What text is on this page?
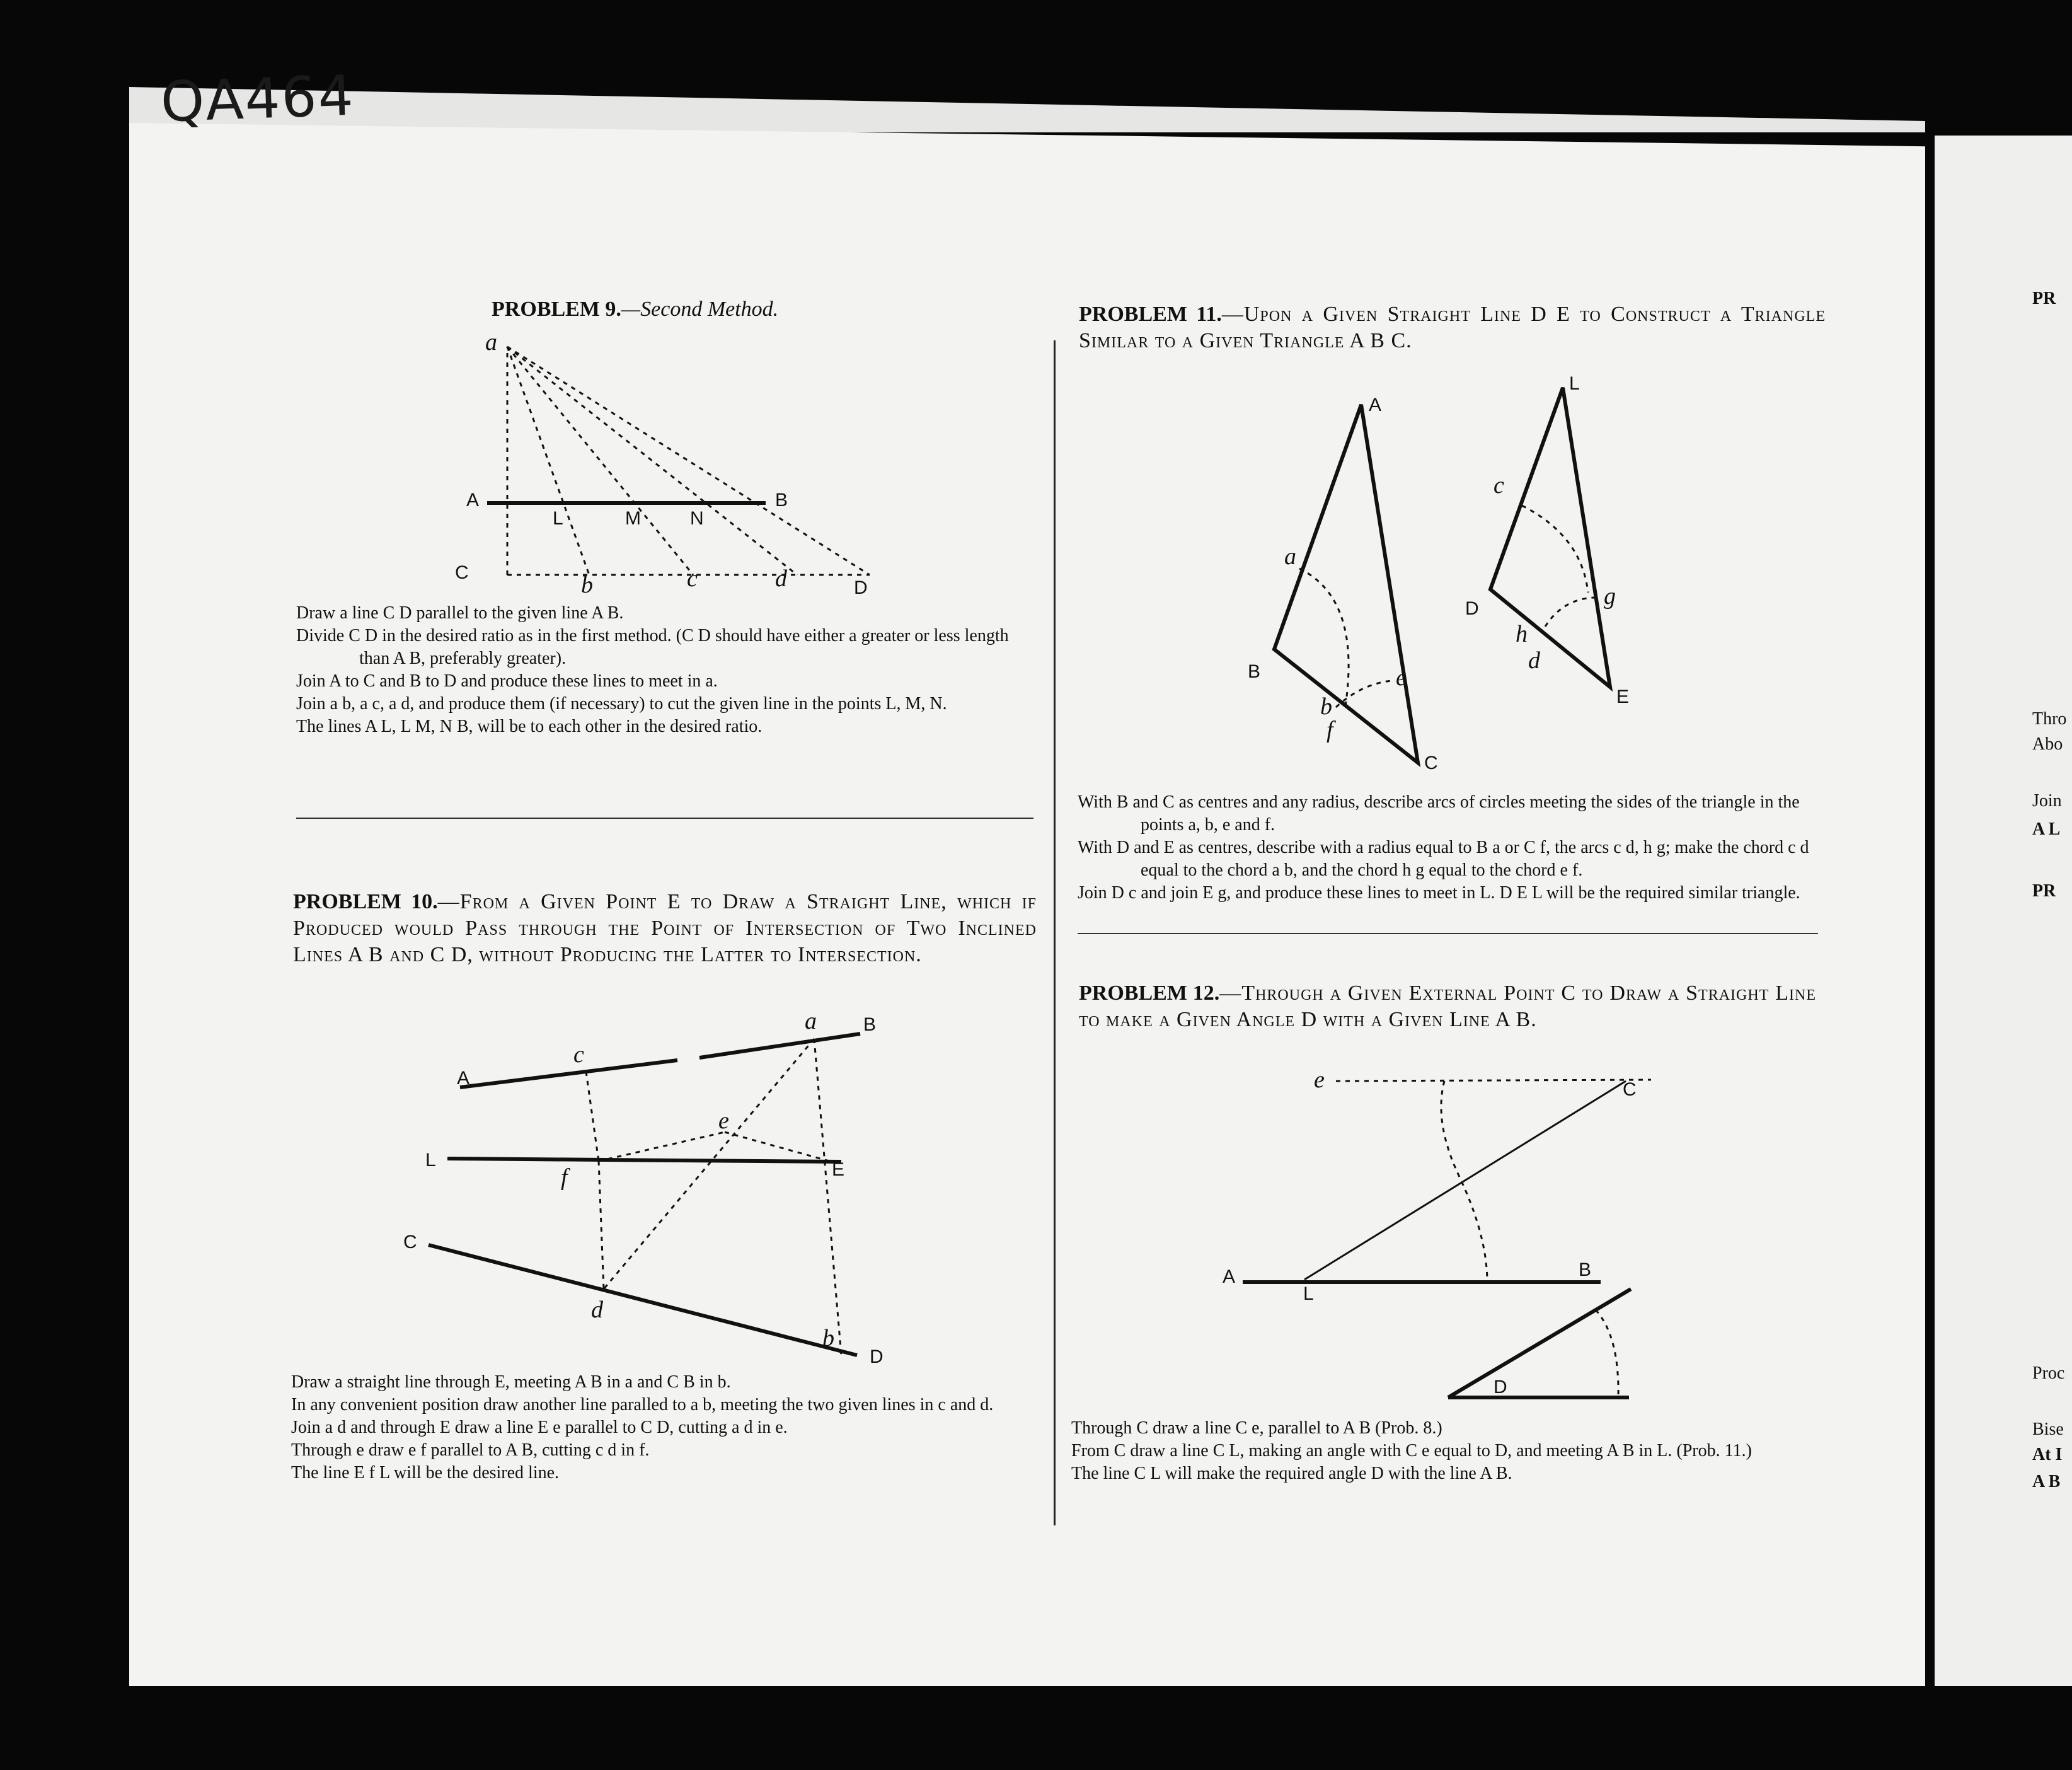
QA464
PROBLEM 9.—Second Method.
a
A	B
L	M	N
C	b	c	d	D

Draw a line C D parallel to the given line A B.

Divide C D in the desired ratio as in the first method. (C D should have either a greater or less length than A B, preferably greater).

Join A to C and B to D and produce these lines to meet in a.

Join a b, a c, a d, and produce them (if necessary) to cut the given line in the points L, M, N.

The lines A L, L M, N B, will be to each other in the desired ratio.

PROBLEM 10.—From a Given Point E to Draw a Straight Line, which if Produced would Pass through the Point of Intersection of Two Inclined Lines A B and C D, without Producing the Latter to Intersection.
A
B
a
c
e
L
f	E
C
d
b
D

Draw a straight line through E, meeting A B in a and C B in b.

In any convenient position draw another line paralled to a b, meeting the two given lines in c and d.

Join a d and through E draw a line E e parallel to C D, cutting a d in e.

Through e draw e f parallel to A B, cutting c d in f.

The line E f L will be the desired line.

PROBLEM 11.—Upon a Given Straight Line D E to Construct a Triangle Similar to a Given Triangle A B C.
A
a
B
b
f
e
C
L
c
D
h
d
g
E

With B and C as centres and any radius, describe arcs of circles meeting the sides of the triangle in the points a, b, e and f.

With D and E as centres, describe with a radius equal to B a or C f, the arcs c d, h g; make the chord c d equal to the chord a b, and the chord h g equal to the chord e f.

Join D c and join E g, and produce these lines to meet in L. D E L will be the required similar triangle.

PROBLEM 12.—Through a Given External Point C to Draw a Straight Line to make a Given Angle D with a Given Line A B.
e	C
A
L
B
D

Through C draw a line C e, parallel to A B (Prob. 8.)

From C draw a line C L, making an angle with C e equal to D, and meeting A B in L. (Prob. 11.)

The line C L will make the required angle D with the line A B.

PR
Thro
Abo
Join
A L
PR
Proc
Bise
At I
A B
